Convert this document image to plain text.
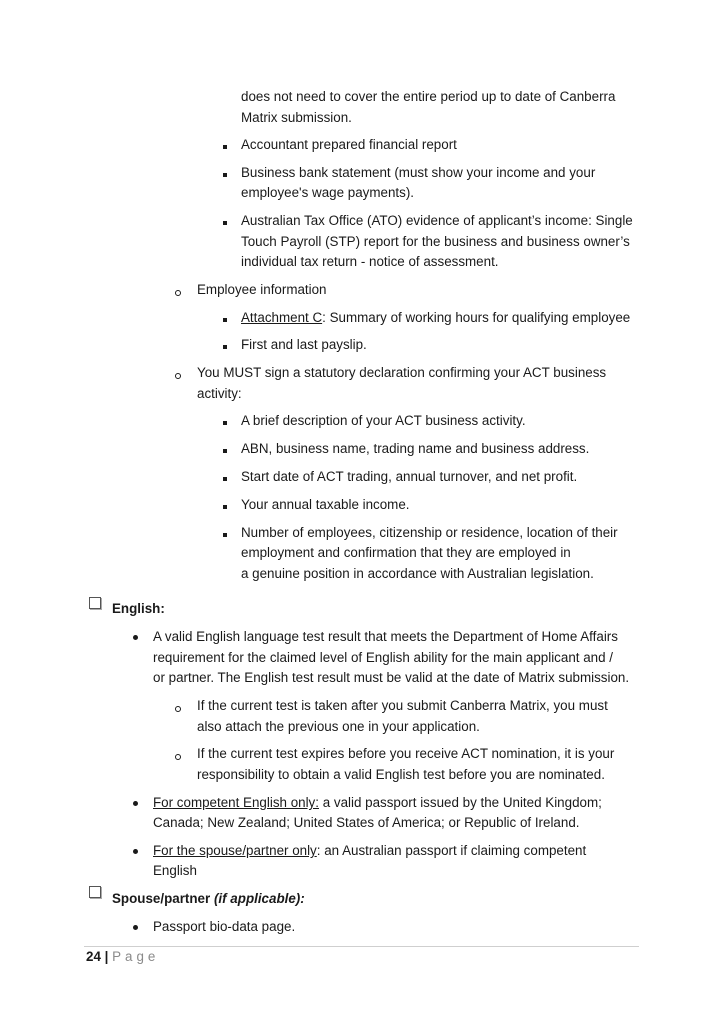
does not need to cover the entire period up to date of Canberra
Matrix submission.
Accountant prepared financial report
Business bank statement (must show your income and your
employee's wage payments).
Australian Tax Office (ATO) evidence of applicant’s income: Single
Touch Payroll (STP) report for the business and business owner’s
individual tax return - notice of assessment.
Employee information
Attachment C: Summary of working hours for qualifying employee
First and last payslip.
You MUST sign a statutory declaration confirming your ACT business
activity:
A brief description of your ACT business activity.
ABN, business name, trading name and business address.
Start date of ACT trading, annual turnover, and net profit.
Your annual taxable income.
Number of employees, citizenship or residence, location of their
employment and confirmation that they are employed in
a genuine position in accordance with Australian legislation.
English:
A valid English language test result that meets the Department of Home Affairs
requirement for the claimed level of English ability for the main applicant and /
or partner. The English test result must be valid at the date of Matrix submission.
If the current test is taken after you submit Canberra Matrix, you must
also attach the previous one in your application.
If the current test expires before you receive ACT nomination, it is your
responsibility to obtain a valid English test before you are nominated.
For competent English only: a valid passport issued by the United Kingdom;
Canada; New Zealand; United States of America; or Republic of Ireland.
For the spouse/partner only: an Australian passport if claiming competent
English
Spouse/partner (if applicable):
Passport bio-data page.
24 | Page
